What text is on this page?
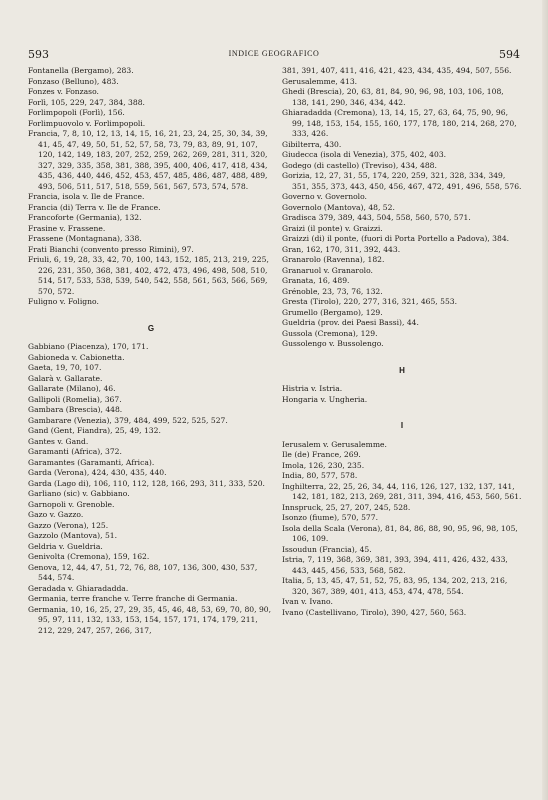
593	INDICE GEOGRAFICO	594

Fontanella (Bergamo), 283.

Fonzaso (Belluno), 483.

Fonzes v. Fonzaso.

Forlì, 105, 229, 247, 384, 388.

Forlimpopoli (Forlì), 156.

Forlimpuovolo v. Forlimpopoli.

Francia, 7, 8, 10, 12, 13, 14, 15, 16, 21, 23, 24, 25, 30, 34, 39, 41, 45, 47, 49, 50, 51, 52, 57, 58, 73, 79, 83, 89, 91, 107, 120, 142, 149, 183, 207, 252, 259, 262, 269, 281, 311, 320, 327, 329, 335, 358, 381, 388, 395, 400, 406, 417, 418, 434, 435, 436, 440, 446, 452, 453, 457, 485, 486, 487, 488, 489, 493, 506, 511, 517, 518, 559, 561, 567, 573, 574, 578.

Francia, isola v. Ile de France.

Francia (di) Terra v. Ile de France.

Francoforte (Germania), 132.

Frasine v. Frassene.

Frassene (Montagnana), 338.

Frati Bianchi (convento presso Rimini), 97.

Friuli, 6, 19, 28, 33, 42, 70, 100, 143, 152, 185, 213, 219, 225, 226, 231, 350, 368, 381, 402, 472, 473, 496, 498, 508, 510, 514, 517, 533, 538, 539, 540, 542, 558, 561, 563, 566, 569, 570, 572.

Fuligno v. Foligno.

G

Gabbiano (Piacenza), 170, 171.

Gabioneda v. Cabionetta.

Gaeta, 19, 70, 107.

Galarà v. Gallarate.

Gallarate (Milano), 46.

Gallipoli (Romelia), 367.

Gambara (Brescia), 448.

Gambarare (Venezia), 379, 484, 499, 522, 525, 527.

Gand (Gent, Fiandra), 25, 49, 132.

Gantes v. Gand.

Garamanti (Africa), 372.

Garamantes (Garamanti, Africa).

Garda (Verona), 424, 430, 435, 440.

Garda (Lago di), 106, 110, 112, 128, 166, 293, 311, 333, 520.

Garliano (sic) v. Gabbiano.

Garnopoli v. Grenoble.

Gazo v. Gazzo.

Gazzo (Verona), 125.

Gazzolo (Mantova), 51.

Geldria v. Gueldria.

Genivolta (Cremona), 159, 162.

Genova, 12, 44, 47, 51, 72, 76, 88, 107, 136, 300, 430, 537, 544, 574.

Geradada v. Ghiaradadda.

Germania, terre franche v. Terre franche di Germania.

Germania, 10, 16, 25, 27, 29, 35, 45, 46, 48, 53, 69, 70, 80, 90, 95, 97, 111, 132, 133, 153, 154, 157, 171, 174, 179, 211, 212, 229, 247, 257, 266, 317,

381, 391, 407, 411, 416, 421, 423, 434, 435, 494, 507, 556.

Gerusalemme, 413.

Ghedi (Brescia), 20, 63, 81, 84, 90, 96, 98, 103, 106, 108, 138, 141, 290, 346, 434, 442.

Ghiaradadda (Cremona), 13, 14, 15, 27, 63, 64, 75, 90, 96, 99, 148, 153, 154, 155, 160, 177, 178, 180, 214, 268, 270, 333, 426.

Gibilterra, 430.

Giudecca (isola di Venezia), 375, 402, 403.

Godego (di castello) (Treviso), 434, 488.

Gorizia, 12, 27, 31, 55, 174, 220, 259, 321, 328, 334, 349, 351, 355, 373, 443, 450, 456, 467, 472, 491, 496, 558, 576.

Governo v. Governolo.

Governolo (Mantova), 48, 52.

Gradisca 379, 389, 443, 504, 558, 560, 570, 571.

Graizi (il ponte) v. Graizzi.

Graizzi (di) il ponte, (fuori di Porta Portello a Padova), 384.

Gran, 162, 170, 311, 392, 443.

Granarolo (Ravenna), 182.

Granaruol v. Granarolo.

Granata, 16, 489.

Grénoble, 23, 73, 76, 132.

Gresta (Tirolo), 220, 277, 316, 321, 465, 553.

Grumello (Bergamo), 129.

Gueldria (prov. dei Paesi Bassi), 44.

Gussola (Cremona), 129.

Gussolengo v. Bussolengo.

H

Histria v. Istria.

Hongaria v. Ungheria.

I

Ierusalem v. Gerusalemme.

Ile (de) France, 269.

Imola, 126, 230, 235.

India, 80, 577, 578.

Inghilterra, 22, 25, 26, 34, 44, 116, 126, 127, 132, 137, 141, 142, 181, 182, 213, 269, 281, 311, 394, 416, 453, 560, 561.

Innspruck, 25, 27, 207, 245, 528.

Isonzo (fiume), 570, 577.

Isola della Scala (Verona), 81, 84, 86, 88, 90, 95, 96, 98, 105, 106, 109.

Issoudun (Francia), 45.

Istria, 7, 119, 368, 369, 381, 393, 394, 411, 426, 432, 433, 443, 445, 456, 533, 568, 582.

Italia, 5, 13, 45, 47, 51, 52, 75, 83, 95, 134, 202, 213, 216, 320, 367, 389, 401, 413, 453, 474, 478, 554.

Ivan v. Ivano.

Ivano (Castellivano, Tirolo), 390, 427, 560, 563.
